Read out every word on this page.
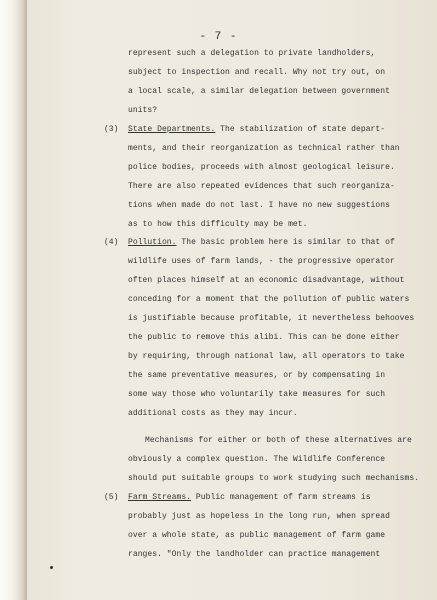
- 7 -
represent such a delegation to private landholders,
subject to inspection and recall. Why not try out, on
a local scale, a similar delegation between government
units?
(3) State Departments. The stabilization of state depart-
ments, and their reorganization as technical rather than
police bodies, proceeds with almost geological leisure.
There are also repeated evidences that such reorganiza-
tions when made do not last. I have no new suggestions
as to how this difficulty may be met.
(4) Pollution. The basic problem here is similar to that of
wildlife uses of farm lands, - the progressive operator
often places himself at an economic disadvantage, without
conceding for a moment that the pollution of public waters
is justifiable because profitable, it nevertheless behooves
the public to remove this alibi. This can be done either
by requiring, through national law, all operators to take
the same preventative measures, or by compensating in
some way those who voluntarily take measures for such
additional costs as they may incur.
Mechanisms for either or both of these alternatives are
obviously a complex question. The Wildlife Conference
should put suitable groups to work studying such mechanisms.
(5) Farm Streams. Public management of farm streams is
probably just as hopeless in the long run, when spread
over a whole state, as public management of farm game
ranges. "Only the landholder can practice management
